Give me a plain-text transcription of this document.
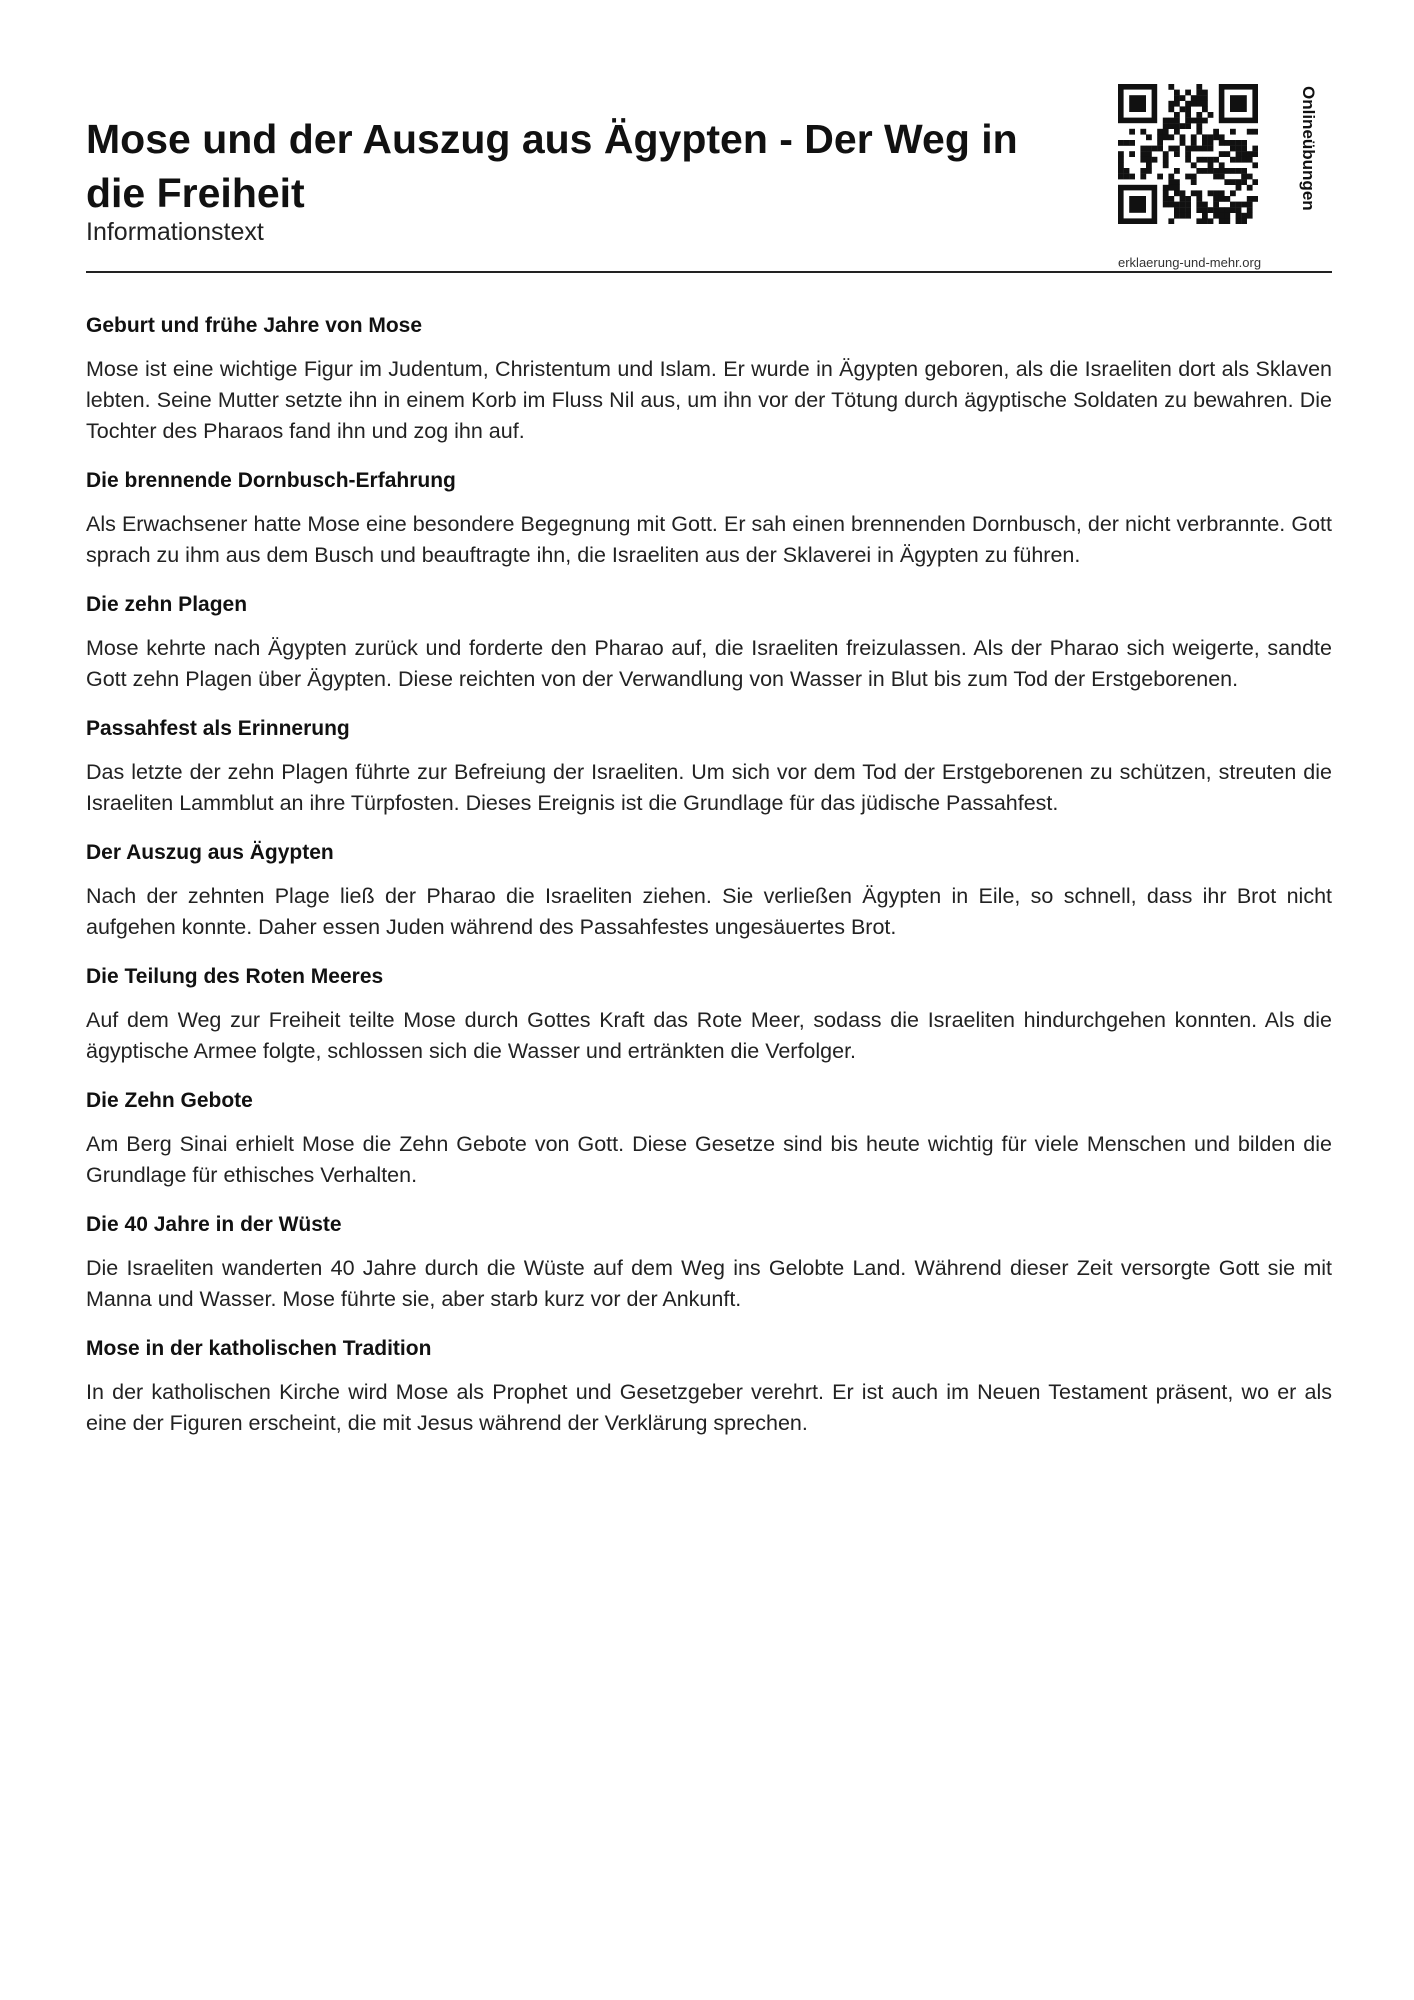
Mose und der Auszug aus Ägypten - Der Weg in die Freiheit

Informationstext

erklaerung-und-mehr.org
Onlineübungen
Geburt und frühe Jahre von Mose

Mose ist eine wichtige Figur im Judentum, Christentum und Islam. Er wurde in Ägypten geboren, als die Israeliten dort als Sklaven lebten. Seine Mutter setzte ihn in einem Korb im Fluss Nil aus, um ihn vor der Tötung durch ägyptische Soldaten zu bewahren. Die Tochter des Pharaos fand ihn und zog ihn auf.

Die brennende Dornbusch-Erfahrung

Als Erwachsener hatte Mose eine besondere Begegnung mit Gott. Er sah einen brennenden Dornbusch, der nicht verbrannte. Gott sprach zu ihm aus dem Busch und beauftragte ihn, die Israeliten aus der Sklaverei in Ägypten zu führen.

Die zehn Plagen

Mose kehrte nach Ägypten zurück und forderte den Pharao auf, die Israeliten freizulassen. Als der Pharao sich weigerte, sandte Gott zehn Plagen über Ägypten. Diese reichten von der Verwandlung von Wasser in Blut bis zum Tod der Erstgeborenen.

Passahfest als Erinnerung

Das letzte der zehn Plagen führte zur Befreiung der Israeliten. Um sich vor dem Tod der Erstgeborenen zu schützen, streuten die Israeliten Lammblut an ihre Türpfosten. Dieses Ereignis ist die Grundlage für das jüdische Passahfest.

Der Auszug aus Ägypten

Nach der zehnten Plage ließ der Pharao die Israeliten ziehen. Sie verließen Ägypten in Eile, so schnell, dass ihr Brot nicht aufgehen konnte. Daher essen Juden während des Passahfestes ungesäuertes Brot.

Die Teilung des Roten Meeres

Auf dem Weg zur Freiheit teilte Mose durch Gottes Kraft das Rote Meer, sodass die Israeliten hindurchgehen konnten. Als die ägyptische Armee folgte, schlossen sich die Wasser und ertränkten die Verfolger.

Die Zehn Gebote

Am Berg Sinai erhielt Mose die Zehn Gebote von Gott. Diese Gesetze sind bis heute wichtig für viele Menschen und bilden die Grundlage für ethisches Verhalten.

Die 40 Jahre in der Wüste

Die Israeliten wanderten 40 Jahre durch die Wüste auf dem Weg ins Gelobte Land. Während dieser Zeit versorgte Gott sie mit Manna und Wasser. Mose führte sie, aber starb kurz vor der Ankunft.

Mose in der katholischen Tradition

In der katholischen Kirche wird Mose als Prophet und Gesetzgeber verehrt. Er ist auch im Neuen Testament präsent, wo er als eine der Figuren erscheint, die mit Jesus während der Verklärung sprechen.
